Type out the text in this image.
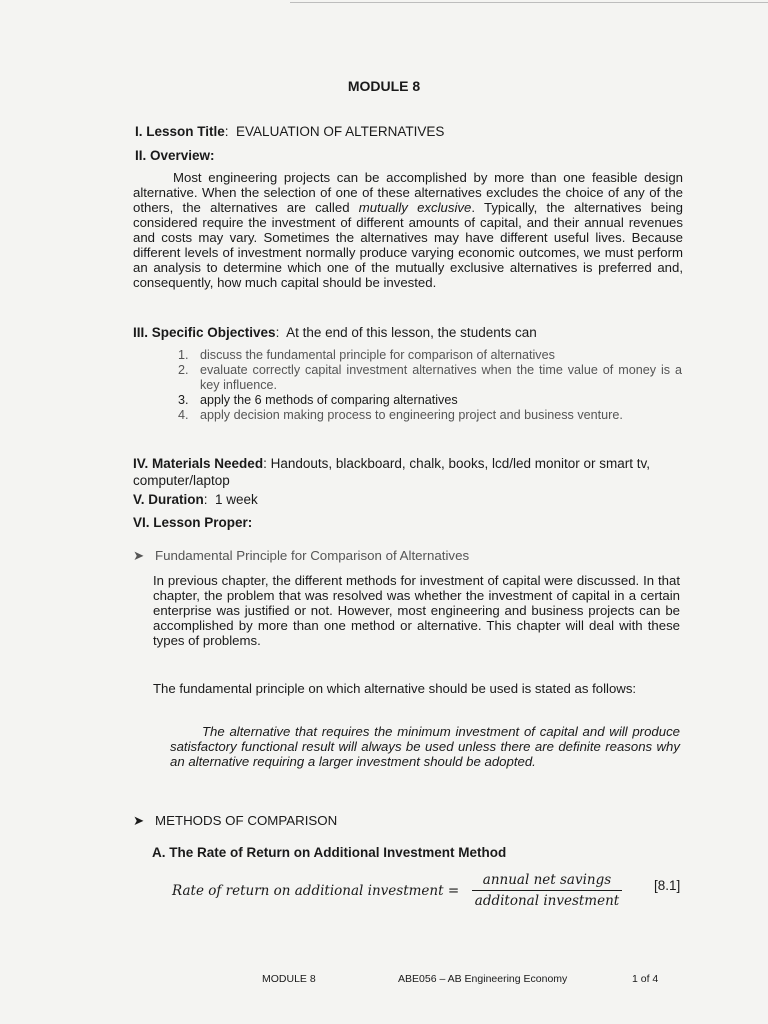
MODULE 8
I. Lesson Title:  EVALUATION OF ALTERNATIVES
II. Overview:
Most engineering projects can be accomplished by more than one feasible design alternative. When the selection of one of these alternatives excludes the choice of any of the others, the alternatives are called mutually exclusive. Typically, the alternatives being considered require the investment of different amounts of capital, and their annual revenues and costs may vary. Sometimes the alternatives may have different useful lives. Because different levels of investment normally produce varying economic outcomes, we must perform an analysis to determine which one of the mutually exclusive alternatives is preferred and, consequently, how much capital should be invested.
III. Specific Objectives:  At the end of this lesson, the students can
1. discuss the fundamental principle for comparison of alternatives
2. evaluate correctly capital investment alternatives when the time value of money is a key influence.
3. apply the 6 methods of comparing alternatives
4. apply decision making process to engineering project and business venture.
IV. Materials Needed: Handouts, blackboard, chalk, books, lcd/led monitor or smart tv, computer/laptop
V. Duration:  1 week
VI. Lesson Proper:
➤ Fundamental Principle for Comparison of Alternatives
In previous chapter, the different methods for investment of capital were discussed. In that chapter, the problem that was resolved was whether the investment of capital in a certain enterprise was justified or not. However, most engineering and business projects can be accomplished by more than one method or alternative. This chapter will deal with these types of problems.
The fundamental principle on which alternative should be used is stated as follows:
The alternative that requires the minimum investment of capital and will produce satisfactory functional result will always be used unless there are definite reasons why an alternative requiring a larger investment should be adopted.
➤ METHODS OF COMPARISON
A. The Rate of Return on Additional Investment Method
Rate of return on additional investment =
annual net savings
additonal investment
[8.1]
MODULE 8	ABE056 – AB Engineering Economy	1 of 4
